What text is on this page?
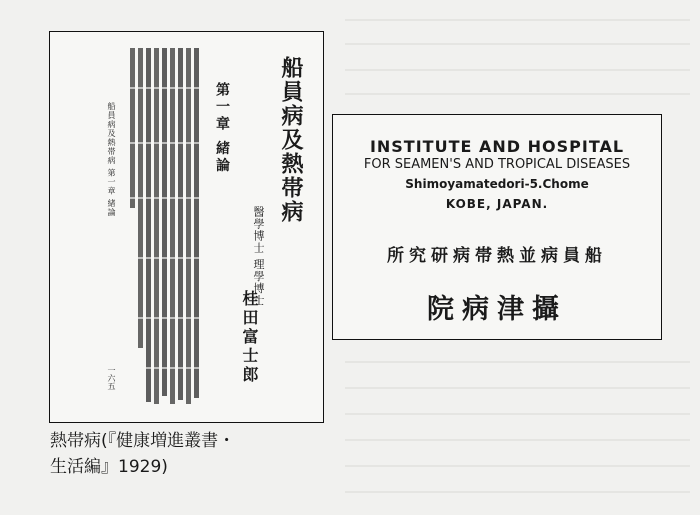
船員病及熱帯病
醫學博士 理學博士
桂田富士郎
第一章 緒論
船員病及熱帯病 第一章 緒論
一六五
熱帯病(『健康増進叢書・
生活編』1929)
INSTITUTE AND HOSPITAL
FOR SEAMEN'S AND TROPICAL DISEASES
Shimoyamatedori-5.Chome
KOBE, JAPAN.
所究研病帯熱並病員船
院病津攝
